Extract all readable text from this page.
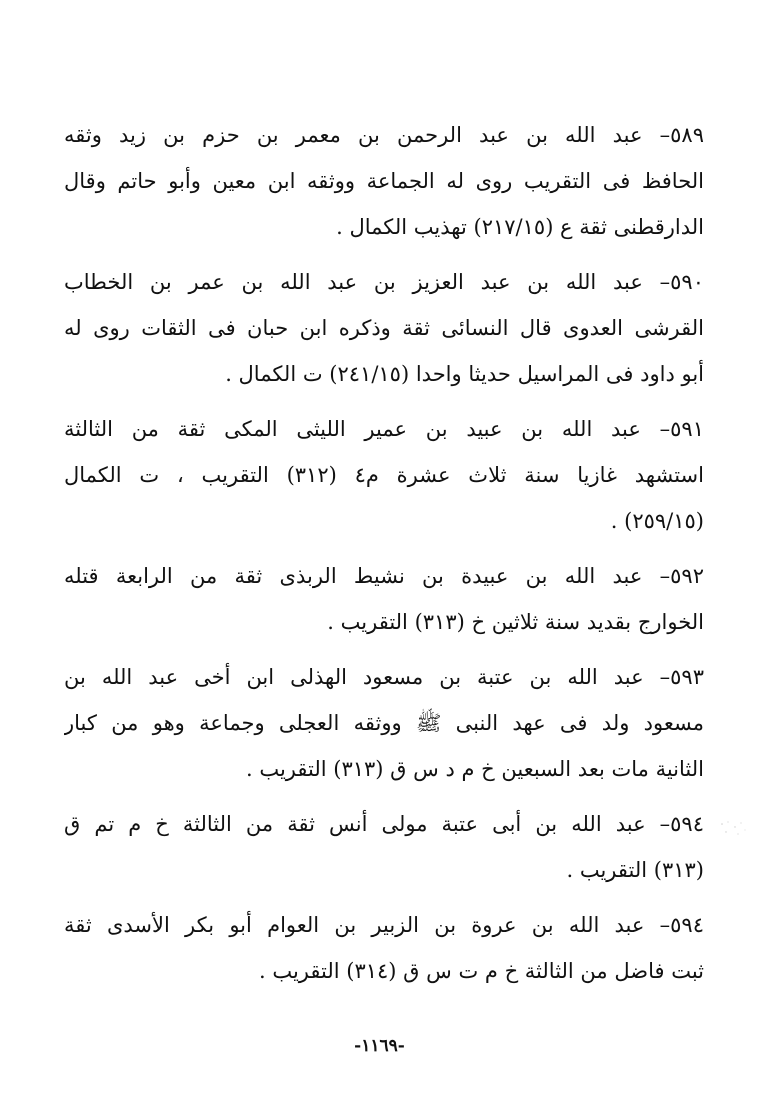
٥٨٩– عبد الله بن عبد الرحمن بن معمر بن حزم بن زيد وثقه
الحافظ فى التقريب روى له الجماعة ووثقه ابن معين وأبو حاتم وقال
الدارقطنى ثقة ع (٢١٧/١٥) تهذيب الكمال .
٥٩٠– عبد الله بن عبد العزيز بن عبد الله بن عمر بن الخطاب
القرشى العدوى قال النسائى ثقة وذكره ابن حبان فى الثقات روى له
أبو داود فى المراسيل حديثا واحدا (٢٤١/١٥) ت الكمال .
٥٩١– عبد الله بن عبيد بن عمير الليثى المكى ثقة من الثالثة
استشهد غازيا سنة ثلاث عشرة م٤ (٣١٢) التقريب ، ت الكمال
(٢٥٩/١٥) .
٥٩٢– عبد الله بن عبيدة بن نشيط الربذى ثقة من الرابعة قتله
الخوارج بقديد سنة ثلاثين خ (٣١٣) التقريب .
٥٩٣– عبد الله بن عتبة بن مسعود الهذلى ابن أخى عبد الله بن
مسعود ولد فى عهد النبى ﷺ ووثقه العجلى وجماعة وهو من كبار
الثانية مات بعد السبعين خ م د س ق (٣١٣) التقريب .
٥٩٤– عبد الله بن أبى عتبة مولى أنس ثقة من الثالثة خ م تم ق
(٣١٣) التقريب .
٥٩٤َ– عبد الله بن عروة بن الزبير بن العوام أبو بكر الأسدى ثقة
ثبت فاضل من الثالثة خ م ت س ق (٣١٤) التقريب .
-١١٦٩-
